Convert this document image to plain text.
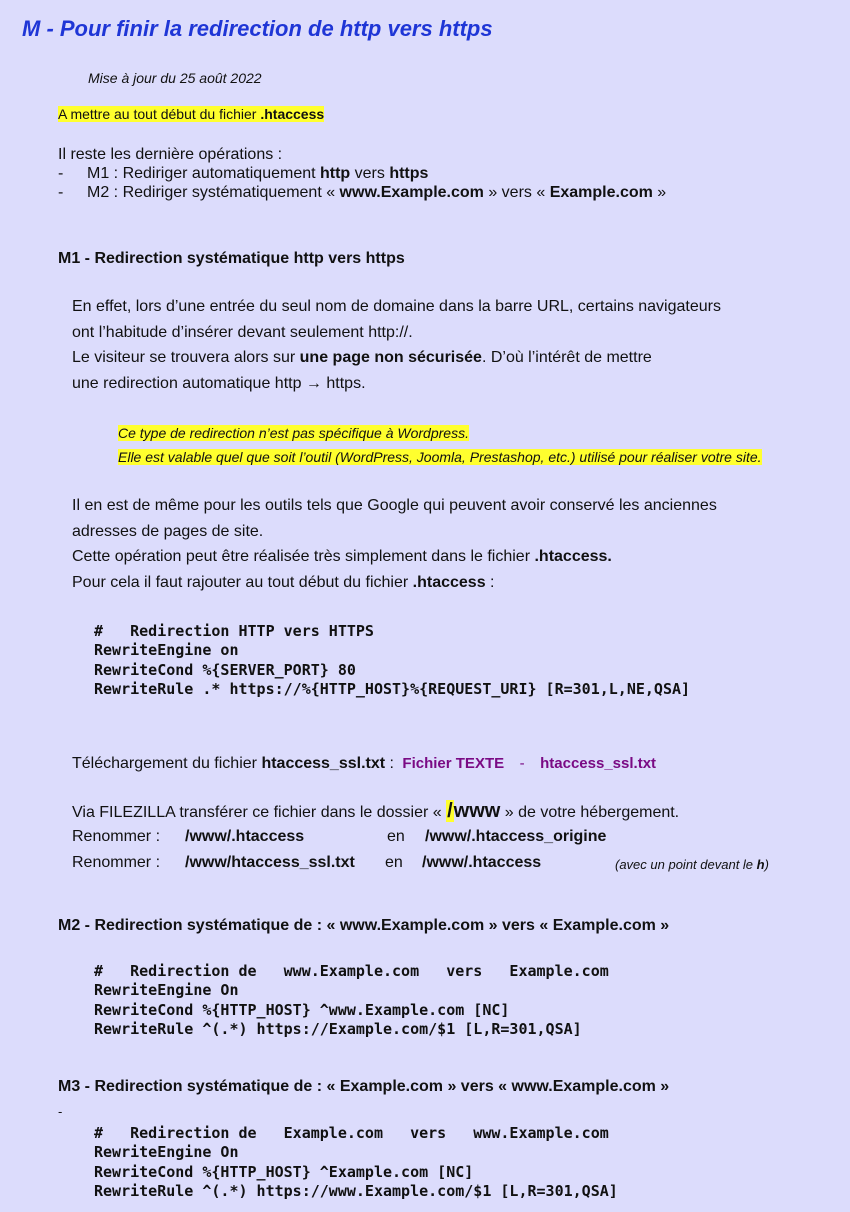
M - Pour finir la redirection de http vers https
Mise à jour du 25 août 2022
A mettre au tout début du fichier .htaccess
Il reste les dernière opérations :
- M1 : Rediriger automatiquement http vers https
- M2 : Rediriger systématiquement « www.Example.com » vers « Example.com »
M1 - Redirection systématique http vers https
En effet, lors d’une entrée du seul nom de domaine dans la barre URL, certains navigateurs
ont l’habitude d’insérer devant seulement http://.
Le visiteur se trouvera alors sur une page non sécurisée. D’où l’intérêt de mettre
une redirection automatique http → https.
Ce type de redirection n’est pas spécifique à Wordpress.
Elle est valable quel que soit l’outil (WordPress, Joomla, Prestashop, etc.) utilisé pour réaliser votre site.
Il en est de même pour les outils tels que Google qui peuvent avoir conservé les anciennes
adresses de pages de site.
Cette opération peut être réalisée très simplement dans le fichier .htaccess.
Pour cela il faut rajouter au tout début du fichier .htaccess :
#   Redirection HTTP vers HTTPS
RewriteEngine on
RewriteCond %{SERVER_PORT} 80
RewriteRule .* https://%{HTTP_HOST}%{REQUEST_URI} [R=301,L,NE,QSA]
Téléchargement du fichier htaccess_ssl.txt : Fichier TEXTE - htaccess_ssl.txt
Via FILEZILLA transférer ce fichier dans le dossier « /www » de votre hébergement.
Renommer : /www/.htaccess	en /www/.htaccess_origine
Renommer : /www/htaccess_ssl.txt en /www/.htaccess	(avec un point devant le h)
M2 - Redirection systématique de : « www.Example.com » vers « Example.com »
#   Redirection de   www.Example.com   vers   Example.com
RewriteEngine On
RewriteCond %{HTTP_HOST} ^www.Example.com [NC]
RewriteRule ^(.*) https://Example.com/$1 [L,R=301,QSA]
M3 - Redirection systématique de : « Example.com » vers « www.Example.com »
-
#   Redirection de   Example.com   vers   www.Example.com
RewriteEngine On
RewriteCond %{HTTP_HOST} ^Example.com [NC]
RewriteRule ^(.*) https://www.Example.com/$1 [L,R=301,QSA]
